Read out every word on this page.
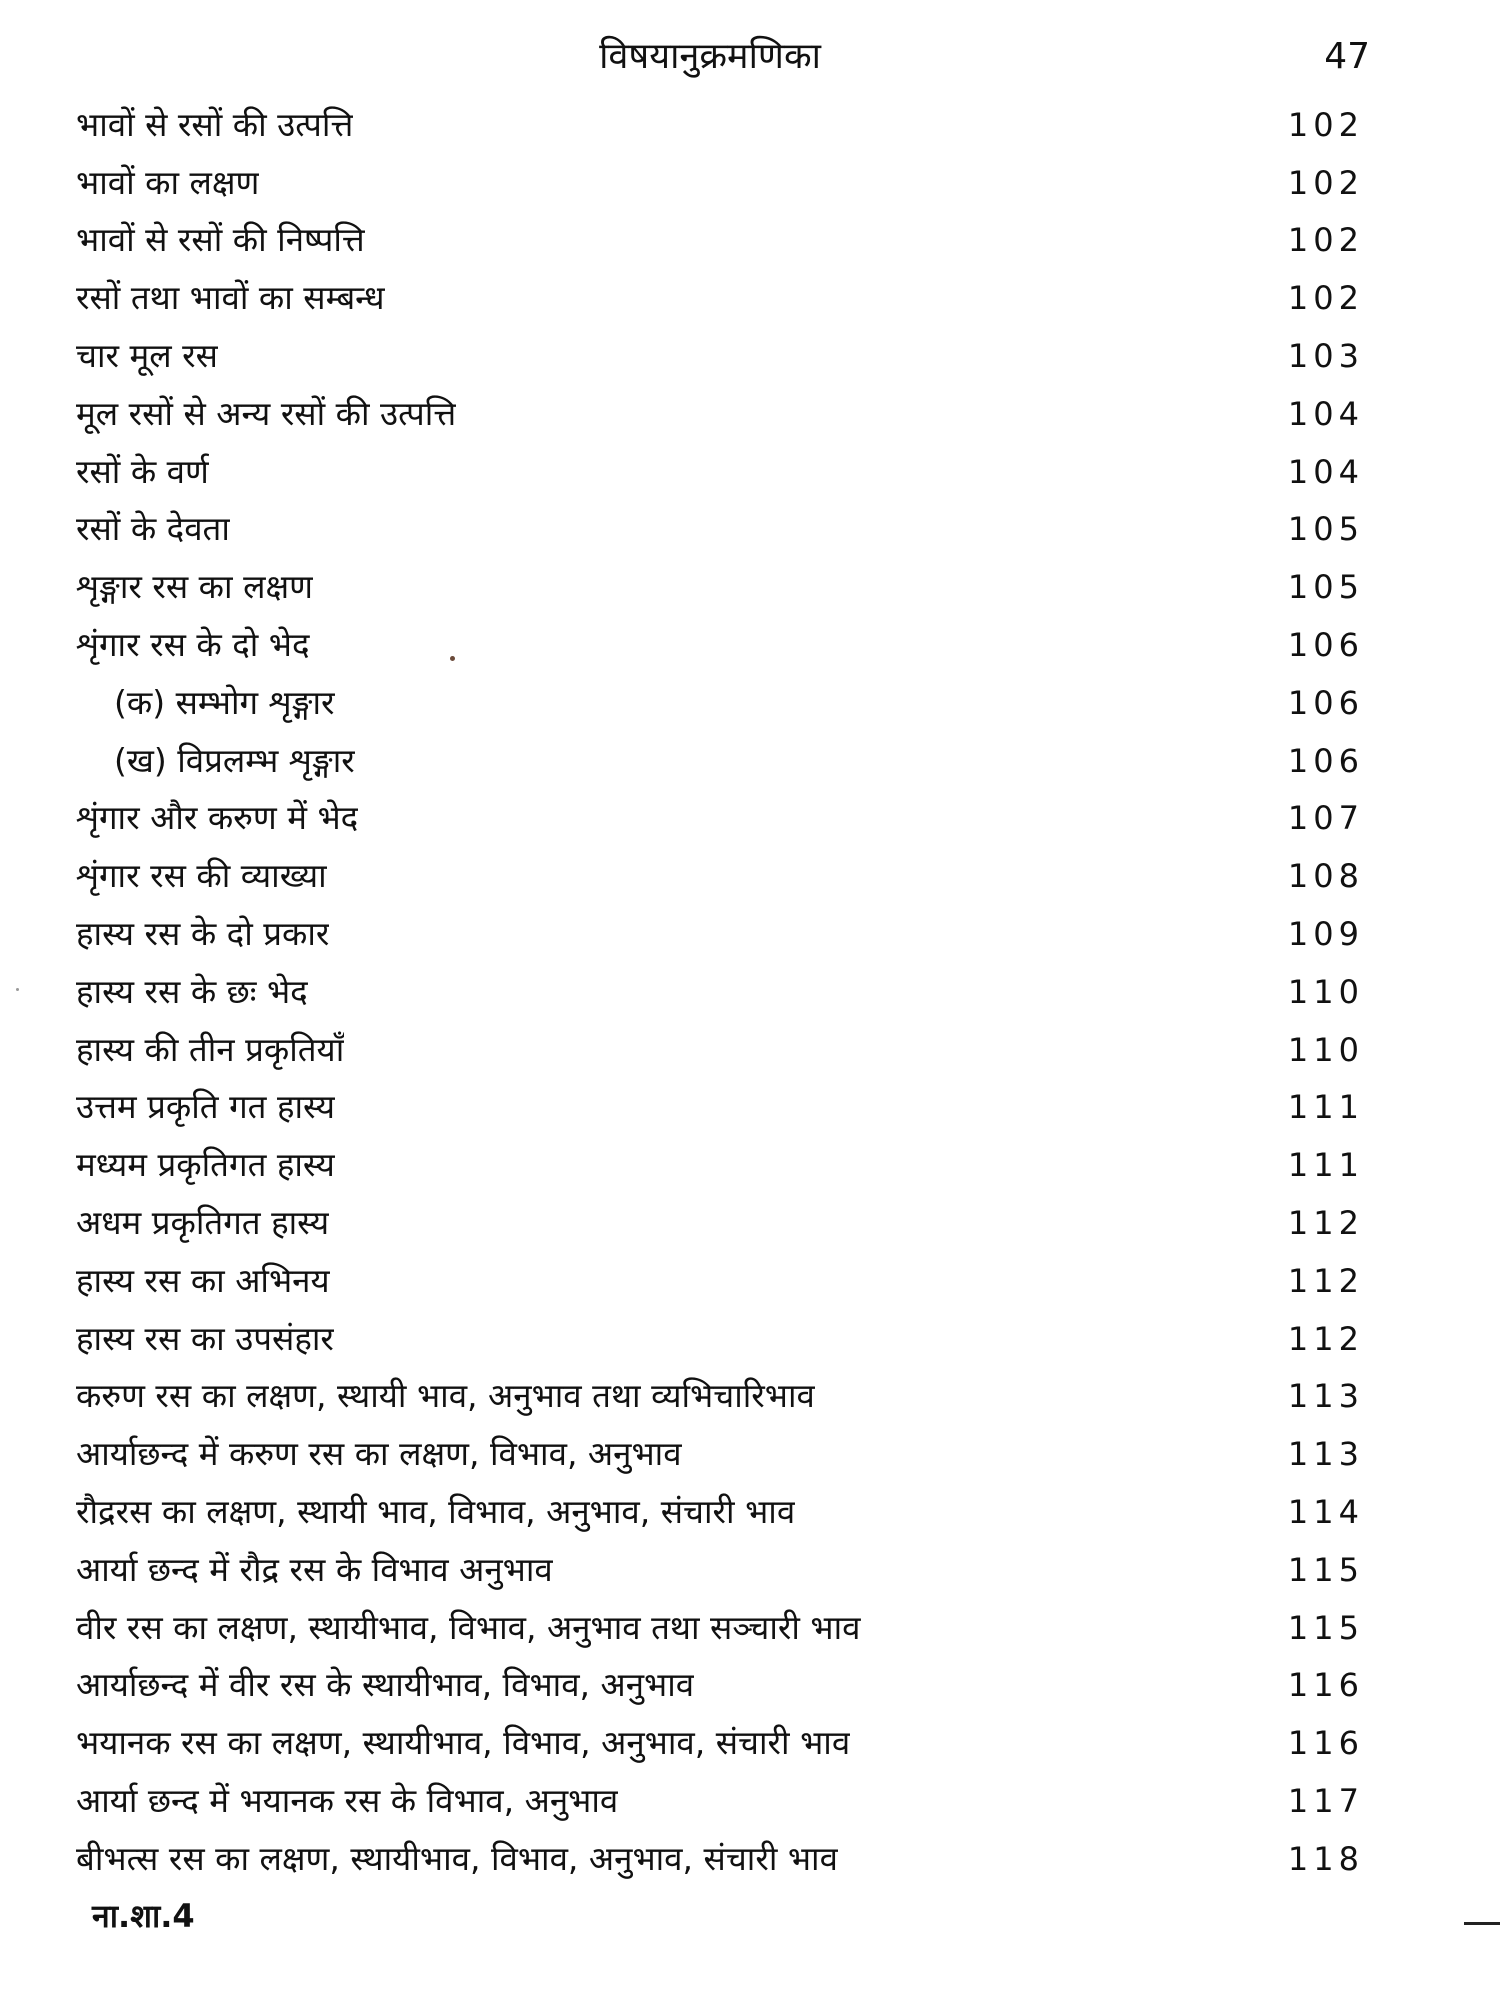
विषयानुक्रमणिका	47
भावों से रसों की उत्पत्ति	102
भावों का लक्षण	102
भावों से रसों की निष्पत्ति	102
रसों तथा भावों का सम्बन्ध	102
चार मूल रस	103
मूल रसों से अन्य रसों की उत्पत्ति	104
रसों के वर्ण	104
रसों के देवता	105
शृङ्गार रस का लक्षण	105
शृंगार रस के दो भेद	106
(क) सम्भोग शृङ्गार	106
(ख) विप्रलम्भ शृङ्गार	106
शृंगार और करुण में भेद	107
शृंगार रस की व्याख्या	108
हास्य रस के दो प्रकार	109
हास्य रस के छः भेद	110
हास्य की तीन प्रकृतियाँ	110
उत्तम प्रकृति गत हास्य	111
मध्यम प्रकृतिगत हास्य	111
अधम प्रकृतिगत हास्य	112
हास्य रस का अभिनय	112
हास्य रस का उपसंहार	112
करुण रस का लक्षण, स्थायी भाव, अनुभाव तथा व्यभिचारिभाव	113
आर्याछन्द में करुण रस का लक्षण, विभाव, अनुभाव	113
रौद्ररस का लक्षण, स्थायी भाव, विभाव, अनुभाव, संचारी भाव	114
आर्या छन्द में रौद्र रस के विभाव अनुभाव	115
वीर रस का लक्षण, स्थायीभाव, विभाव, अनुभाव तथा सञ्चारी भाव	115
आर्याछन्द में वीर रस के स्थायीभाव, विभाव, अनुभाव	116
भयानक रस का लक्षण, स्थायीभाव, विभाव, अनुभाव, संचारी भाव	116
आर्या छन्द में भयानक रस के विभाव, अनुभाव	117
बीभत्स रस का लक्षण, स्थायीभाव, विभाव, अनुभाव, संचारी भाव	118
ना.शा.4
